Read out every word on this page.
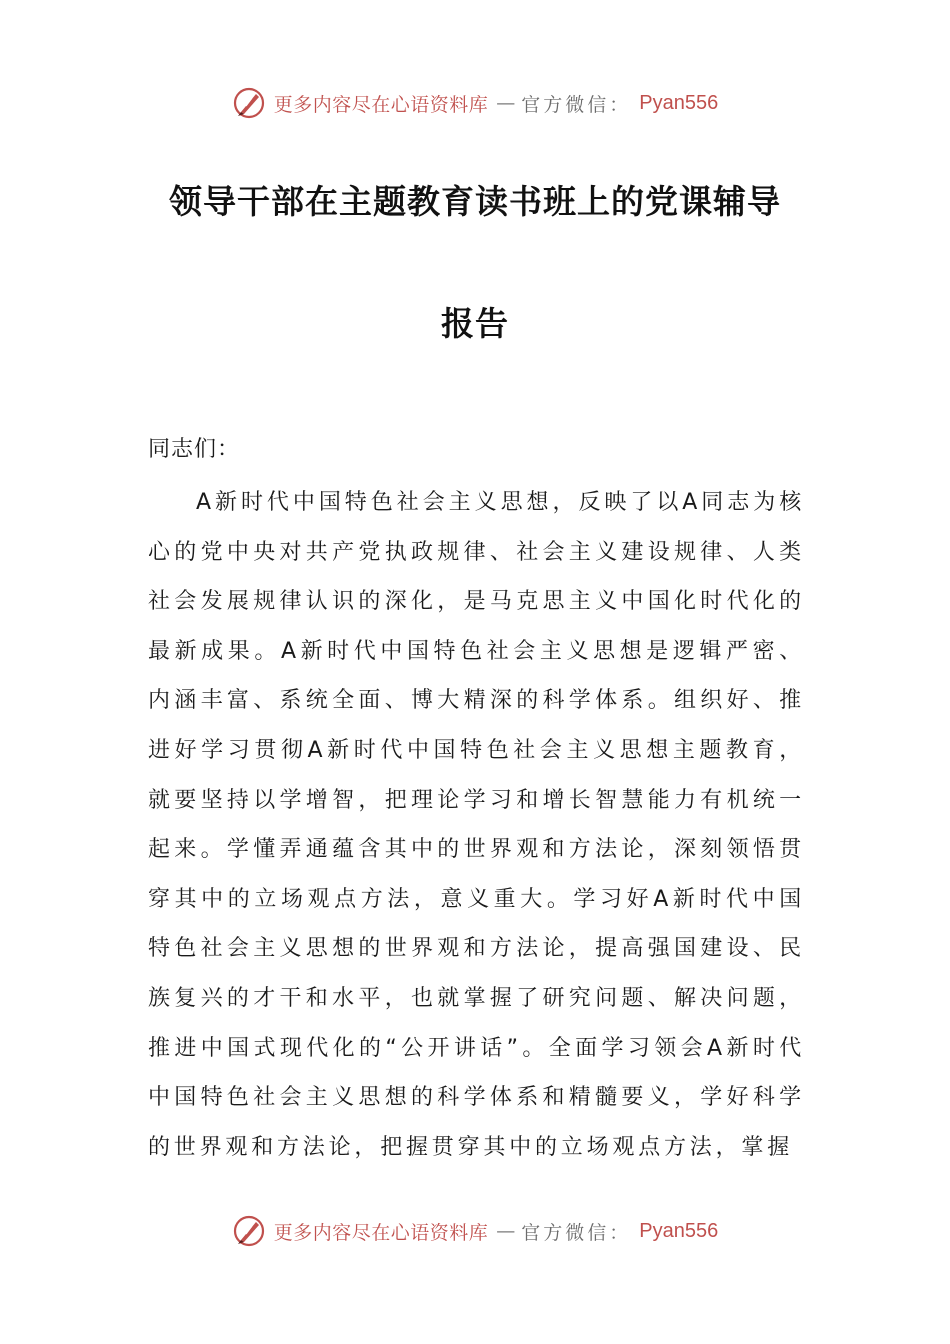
更多内容尽在心语资料库 — 官方微信： Pyan556
领导干部在主题教育读书班上的党课辅导
报告
同志们：

A新时代中国特色社会主义思想，反映了以A同志为核心的党中央对共产党执政规律、社会主义建设规律、人类社会发展规律认识的深化，是马克思主义中国化时代化的最新成果。A新时代中国特色社会主义思想是逻辑严密、内涵丰富、系统全面、博大精深的科学体系。组织好、推进好学习贯彻A新时代中国特色社会主义思想主题教育，就要坚持以学增智，把理论学习和增长智慧能力有机统一起来。学懂弄通蕴含其中的世界观和方法论，深刻领悟贯穿其中的立场观点方法，意义重大。学习好A新时代中国特色社会主义思想的世界观和方法论，提高强国建设、民族复兴的才干和水平，也就掌握了研究问题、解决问题，推进中国式现代化的“公开讲话”。全面学习领会A新时代中国特色社会主义思想的科学体系和精髓要义，学好科学的世界观和方法论，把握贯穿其中的立场观点方法，掌握

更多内容尽在心语资料库 — 官方微信： Pyan556
